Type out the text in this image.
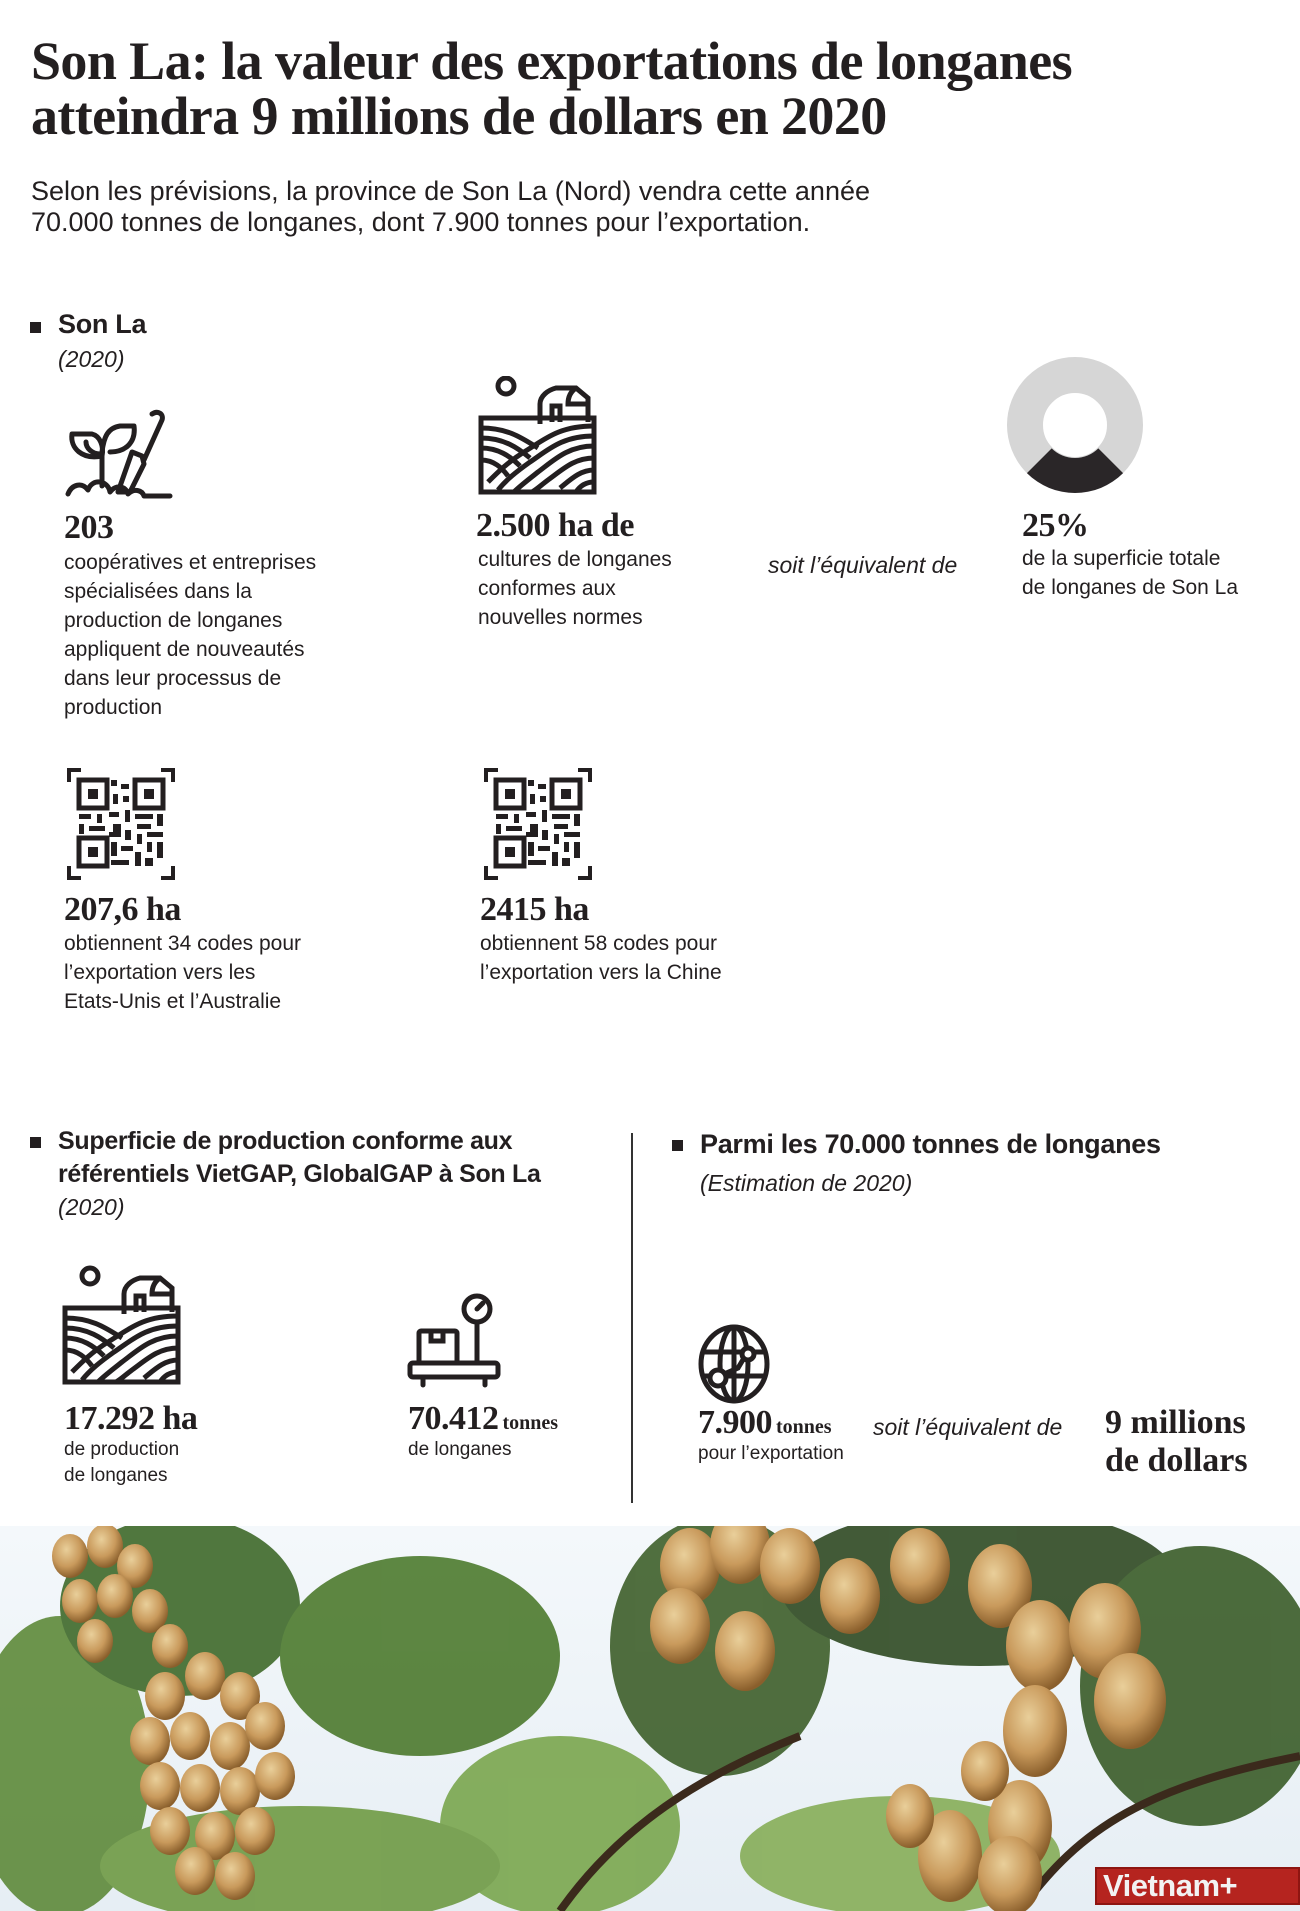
Son La: la valeur des exportations de longanes
atteindra 9 millions de dollars en 2020
Selon les prévisions, la province de Son La (Nord) vendra cette année
70.000 tonnes de longanes, dont 7.900 tonnes pour l’exportation.
Son La
(2020)
203
coopératives et entreprises
spécialisées dans la
production de longanes
appliquent de nouveautés
dans leur processus de
production
2.500 ha de
cultures de longanes
conformes aux
nouvelles normes
soit l’équivalent de
25%
de la superficie totale
de longanes de Son La
207,6 ha
obtiennent 34 codes pour
l’exportation vers les
Etats-Unis et l’Australie
2415 ha
obtiennent 58 codes pour
l’exportation vers la Chine
Superficie de production conforme aux
référentiels VietGAP, GlobalGAP à Son La
(2020)
17.292 ha
de production
de longanes
70.412 tonnes
de longanes
Parmi les 70.000 tonnes de longanes
(Estimation de 2020)
7.900 tonnes
pour l’exportation
soit l’équivalent de 9 millions
de dollars
Vietnam+
